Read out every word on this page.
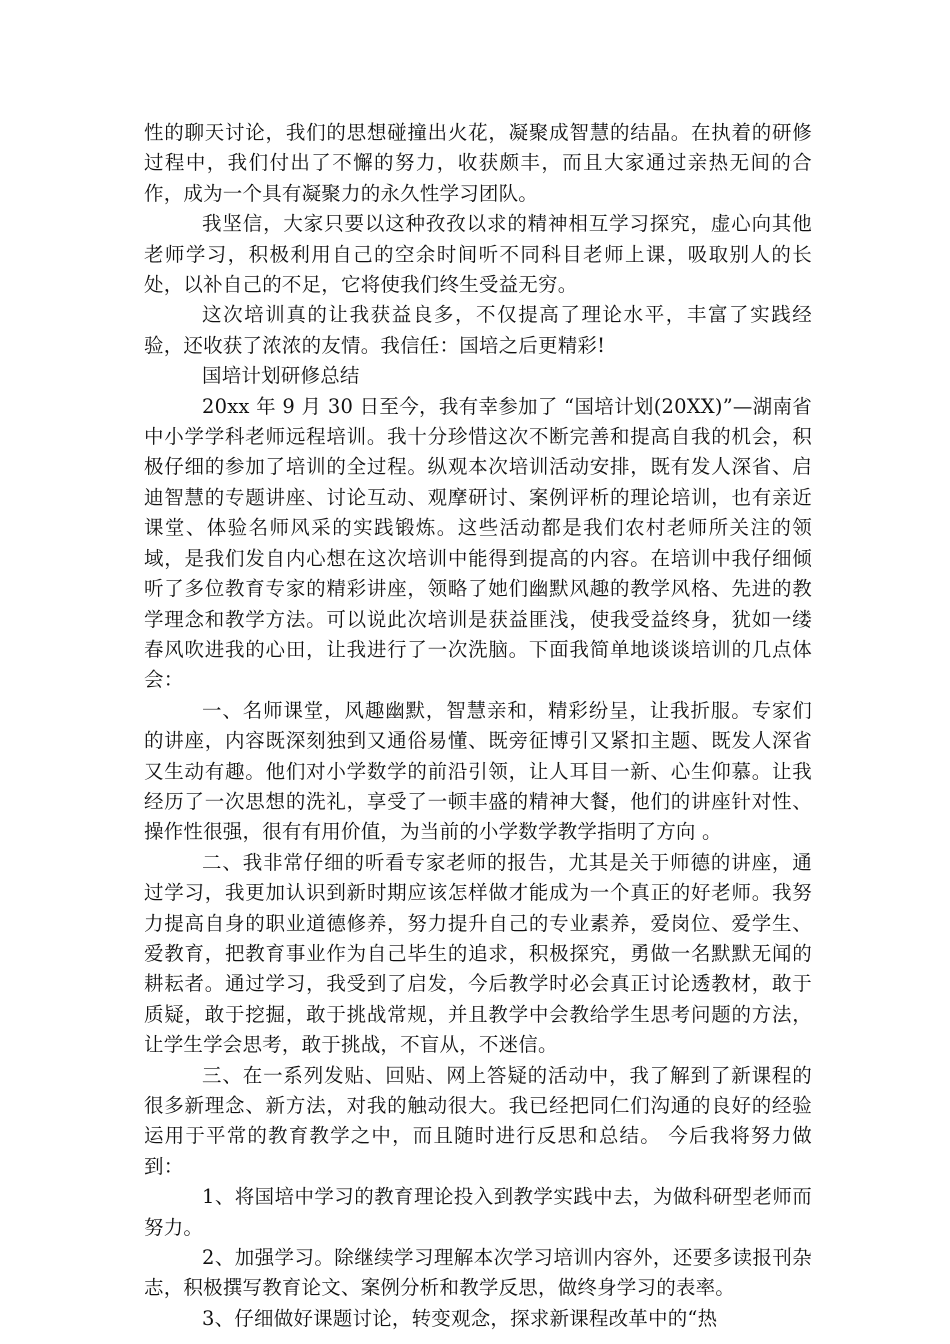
性的聊天讨论，我们的思想碰撞出火花，凝聚成智慧的结晶。在执着的研修过程中，我们付出了不懈的努力，收获颇丰，而且大家通过亲热无间的合作，成为一个具有凝聚力的永久性学习团队。

我坚信，大家只要以这种孜孜以求的精神相互学习探究，虚心向其他老师学习，积极利用自己的空余时间听不同科目老师上课，吸取别人的长处，以补自己的不足，它将使我们终生受益无穷。

这次培训真的让我获益良多，不仅提高了理论水平，丰富了实践经验，还收获了浓浓的友情。我信任：国培之后更精彩!

国培计划研修总结

20xx 年 9 月 30 日至今，我有幸参加了 “国培计划(20XX)”—湖南省中小学学科老师远程培训。我十分珍惜这次不断完善和提高自我的机会，积极仔细的参加了培训的全过程。纵观本次培训活动安排，既有发人深省、启迪智慧的专题讲座、讨论互动、观摩研讨、案例评析的理论培训，也有亲近课堂、体验名师风采的实践锻炼。这些活动都是我们农村老师所关注的领域，是我们发自内心想在这次培训中能得到提高的内容。在培训中我仔细倾听了多位教育专家的精彩讲座，领略了她们幽默风趣的教学风格、先进的教学理念和教学方法。可以说此次培训是获益匪浅，使我受益终身，犹如一缕春风吹进我的心田，让我进行了一次洗脑。下面我简单地谈谈培训的几点体会：

一、名师课堂，风趣幽默，智慧亲和，精彩纷呈，让我折服。专家们的讲座，内容既深刻独到又通俗易懂、既旁征博引又紧扣主题、既发人深省又生动有趣。他们对小学数学的前沿引领，让人耳目一新、心生仰慕。让我经历了一次思想的洗礼，享受了一顿丰盛的精神大餐，他们的讲座针对性、操作性很强，很有有用价值，为当前的小学数学教学指明了方向 。

二、我非常仔细的听看专家老师的报告，尤其是关于师德的讲座，通过学习，我更加认识到新时期应该怎样做才能成为一个真正的好老师。我努力提高自身的职业道德修养，努力提升自己的专业素养，爱岗位、爱学生、爱教育，把教育事业作为自己毕生的追求，积极探究，勇做一名默默无闻的耕耘者。通过学习，我受到了启发，今后教学时必会真正讨论透教材，敢于质疑，敢于挖掘，敢于挑战常规，并且教学中会教给学生思考问题的方法，让学生学会思考，敢于挑战，不盲从，不迷信。

三、在一系列发贴、回贴、网上答疑的活动中，我了解到了新课程的很多新理念、新方法，对我的触动很大。我已经把同仁们沟通的良好的经验运用于平常的教育教学之中，而且随时进行反思和总结。 今后我将努力做到：

1、将国培中学习的教育理论投入到教学实践中去，为做科研型老师而努力。

2、加强学习。除继续学习理解本次学习培训内容外，还要多读报刊杂志，积极撰写教育论文、案例分析和教学反思，做终身学习的表率。

3、仔细做好课题讨论，转变观念，探求新课程改革中的“热
